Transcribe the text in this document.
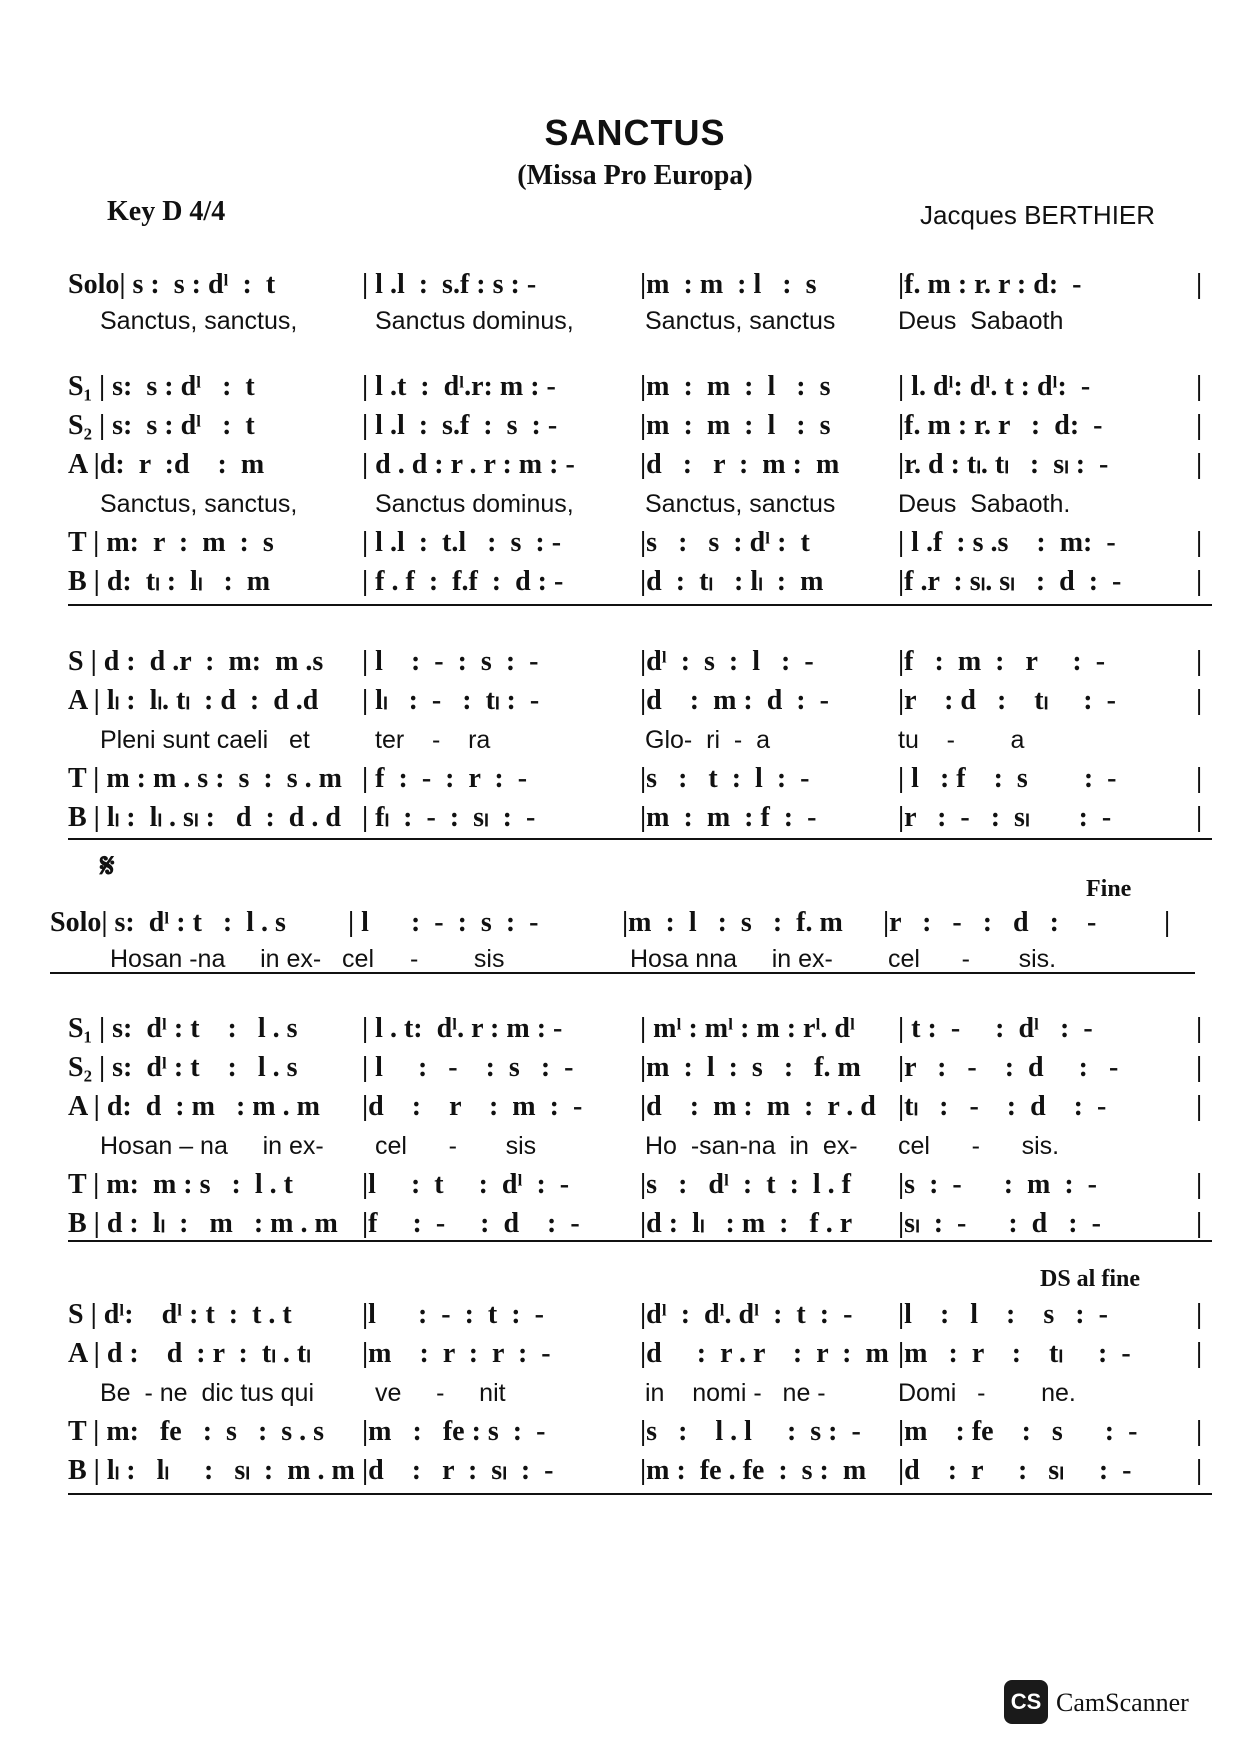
SANCTUS
(Missa Pro Europa)
Key D 4/4	Jacques BERTHIER
Solo| s :  s : dˡ  :  t	| l .l  :  s.f : s : -	|m  : m  : l   :  s	|f. m : r. r : d:  -	|
Sanctus, sanctus,	Sanctus dominus,	Sanctus, sanctus	Deus  Sabaoth
S₁ | s:  s : dˡ   :  t	| l .t  :  dˡ.r: m : -	|m  :  m  :  l   :  s | l. dˡ: dˡ. t : dˡ:  -	|
S₂ | s:  s : dˡ   :  t	| l .l  :  s.f  :  s  : -	|m  :  m  :  l   :  s |f. m : r. r   :  d:  -	|
A |d:  r  :d    :  m	| d . d : r . r : m : - |d   :   r  :  m :  m |r. d : tₗ. tₗ   :  sₗ :  -	|
Sanctus, sanctus,	Sanctus dominus,	Sanctus, sanctus	Deus  Sabaoth.
T | m:  r  :  m  :  s	| l .l  :  t.l   :  s  : -	|s   :   s  : dˡ :  t	| l .f  : s .s    :  m:  -	|
B | d:  tₗ :  lₗ   :  m	| f . f  :  f.f  :  d : -	|d  :  tₗ   : lₗ  :  m	|f .r  : sₗ. sₗ   :  d  :  -	|
S | d :  d .r  :  m:  m .s | l    :  -  :  s  :  -	|dˡ  :  s  :  l   :  -	|f   :  m  :   r     :  -	|
A | lₗ :  lₗ. tₗ  : d  :  d .d | lₗ   :  -   :  tₗ :  -	|d    :  m :  d  :  - |r    : d   :    tₗ     :  -	|
Pleni sunt caeli   et	ter    -    ra	Glo-  ri  -  a	tu    -        a
T | m : m . s :  s  :  s . m | f  :  -  :  r  :  -	|s   :   t  :  l  :  -	| l   : f    :  s        :  -	|
B | lₗ :  lₗ . sₗ :   d  :  d . d | fₗ  :  -  :  sₗ  :  -	|m  :  m  : f  :  -	|r   :  -   :  sₗ       :  -	|
Solo| s:  dˡ : t   :  l . s | l      :  -  :  s  :  -	|m  :  l   :  s   :  f. m |r   :   -   :   d   :    - |
Hosan -na     in ex-   cel -        sis	Hosa nna     in ex- cel      -       sis.
S₁ | s:  dˡ : t    :   l . s | l . t:  dˡ. r : m : -	| mˡ : mˡ : m : rˡ. dˡ | t :  -     :  dˡ   :  -	|
S₂ | s:  dˡ : t    :   l . s | l     :   -    :  s   :  - |m  :  l  :  s   :   f. m |r   :   -    :  d     :   -	|
A | d:  d  : m   : m . m |d    :    r    :  m  :  - |d    :  m :  m  :  r . d |tₗ   :   -    :  d    :  -	|
Hosan – na     in ex- cel      -       sis	Ho  -san-na  in  ex- cel      -      sis.
T | m:  m : s   :  l . t |l     :  t     :  dˡ  :  -	|s   :   dˡ  :  t  :  l . f |s  :  -      :  m  :  -	|
B | d :  lₗ  :   m   : m . m |f     :  -     :  d    :  - |d :  lₗ   : m  :   f . r |sₗ  :  -      :  d   :  -	|
S | dˡ:    dˡ : t  :  t . t	|l      :  -  :  t  :  -	|dˡ  :  dˡ. dˡ  :  t  :  - |l    :   l    :    s   :  -	|
A | d :    d  : r  :  tₗ . tₗ |m    :  r  :  r  :  -	|d     :  r . r    :  r  :  m |m   :  r    :    tₗ     :  - |
Be  - ne  dic tus qui ve     -     nit	in    nomi -   ne -	Domi   -        ne.
T | m:   fe   :  s   :  s . s |m   :   fe : s  :  -	|s   :    l . l     :  s :  - |m    : fe    :   s      :  - |
B | lₗ :   lₗ     :   sₗ  :  m . m |d    :   r  :  sₗ  :  -	|m :  fe . fe  :  s :  m |d    :  r     :   sₗ     :  - |
𝄋
Fine
DS al fine
CS CamScanner
